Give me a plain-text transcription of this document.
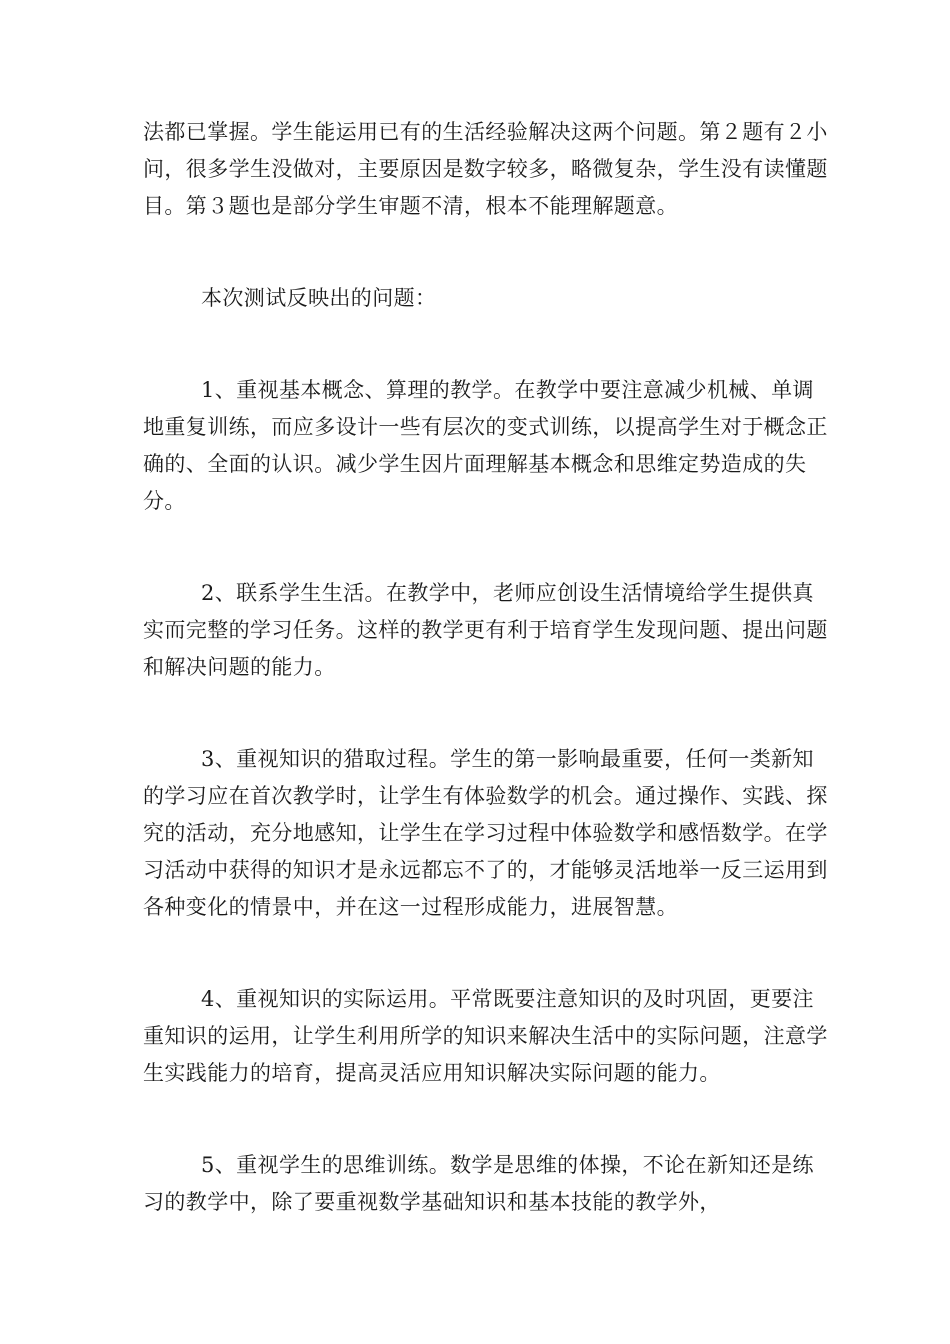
法都已掌握。学生能运用已有的生活经验解决这两个问题。第２题有２小问，很多学生没做对，主要原因是数字较多，略微复杂，学生没有读懂题目。第３题也是部分学生审题不清，根本不能理解题意。

本次测试反映出的问题：

1、重视基本概念、算理的教学。在教学中要注意减少机械、单调地重复训练，而应多设计一些有层次的变式训练，以提高学生对于概念正确的、全面的认识。减少学生因片面理解基本概念和思维定势造成的失分。

2、联系学生生活。在教学中，老师应创设生活情境给学生提供真实而完整的学习任务。这样的教学更有利于培育学生发现问题、提出问题和解决问题的能力。

3、重视知识的猎取过程。学生的第一影响最重要，任何一类新知的学习应在首次教学时，让学生有体验数学的机会。通过操作、实践、探究的活动，充分地感知，让学生在学习过程中体验数学和感悟数学。在学习活动中获得的知识才是永远都忘不了的，才能够灵活地举一反三运用到各种变化的情景中，并在这一过程形成能力，进展智慧。

4、重视知识的实际运用。平常既要注意知识的及时巩固，更要注重知识的运用，让学生利用所学的知识来解决生活中的实际问题，注意学生实践能力的培育，提高灵活应用知识解决实际问题的能力。

5、重视学生的思维训练。数学是思维的体操，不论在新知还是练习的教学中，除了要重视数学基础知识和基本技能的教学外，
